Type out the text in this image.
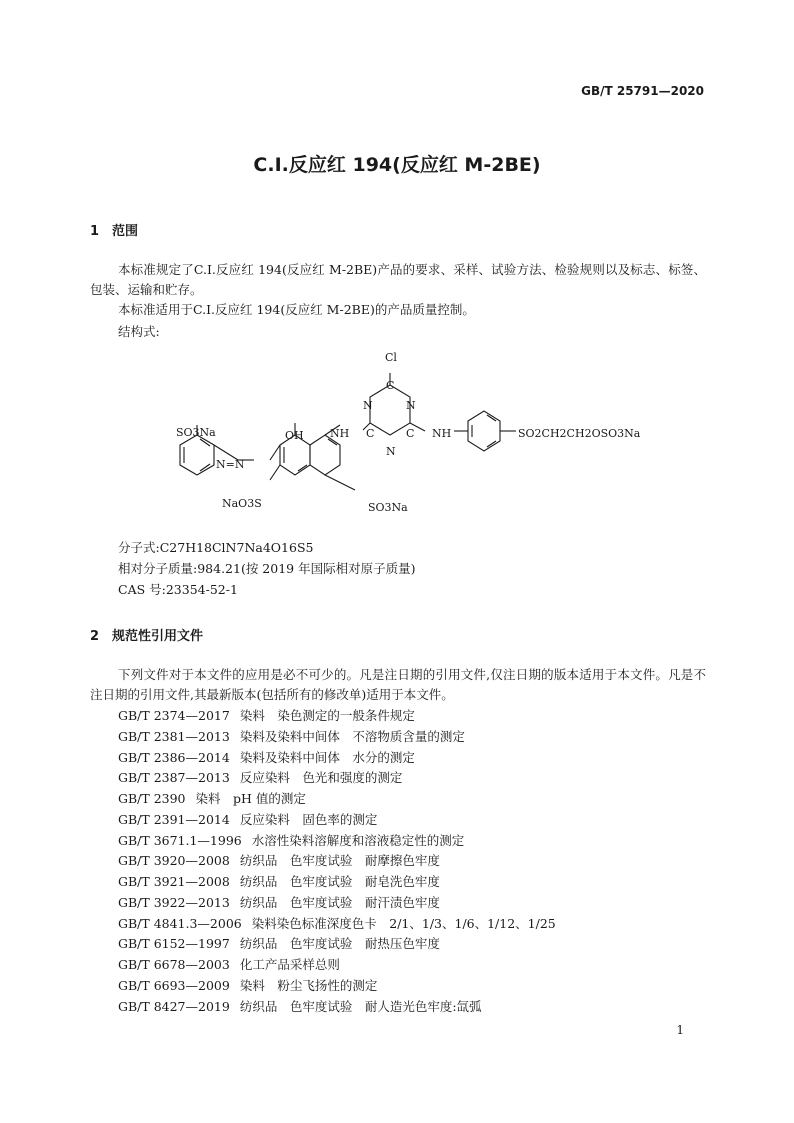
GB/T 25791—2020
C.I.反应红 194(反应红 M-2BE)
1 范围

本标准规定了C.I.反应红 194(反应红 M-2BE)产品的要求、采样、试验方法、检验规则以及标志、标签、包装、运输和贮存。

本标准适用于C.I.反应红 194(反应红 M-2BE)的产品质量控制。

结构式:
Cl
C
N	N
NH C	C
N
NH
OH
SO3Na
N=N
NaO3S	SO3Na
SO2CH2CH2OSO3Na
分子式:C27H18ClN7Na4O16S5
相对分子质量:984.21(按 2019 年国际相对原子质量)
CAS 号:23354-52-1
2 规范性引用文件

下列文件对于本文件的应用是必不可少的。凡是注日期的引用文件,仅注日期的版本适用于本文件。凡是不注日期的引用文件,其最新版本(包括所有的修改单)适用于本文件。

GB/T 2374—2017 染料　染色测定的一般条件规定
GB/T 2381—2013 染料及染料中间体　不溶物质含量的测定
GB/T 2386—2014 染料及染料中间体　水分的测定
GB/T 2387—2013 反应染料　色光和强度的测定
GB/T 2390 染料　pH 值的测定
GB/T 2391—2014 反应染料　固色率的测定
GB/T 3671.1—1996 水溶性染料溶解度和溶液稳定性的测定
GB/T 3920—2008 纺织品　色牢度试验　耐摩擦色牢度
GB/T 3921—2008 纺织品　色牢度试验　耐皂洗色牢度
GB/T 3922—2013 纺织品　色牢度试验　耐汗渍色牢度
GB/T 4841.3—2006 染料染色标准深度色卡　2/1、1/3、1/6、1/12、1/25
GB/T 6152—1997 纺织品　色牢度试验　耐热压色牢度
GB/T 6678—2003 化工产品采样总则
GB/T 6693—2009 染料　粉尘飞扬性的测定
GB/T 8427—2019 纺织品　色牢度试验　耐人造光色牢度:氙弧
1
